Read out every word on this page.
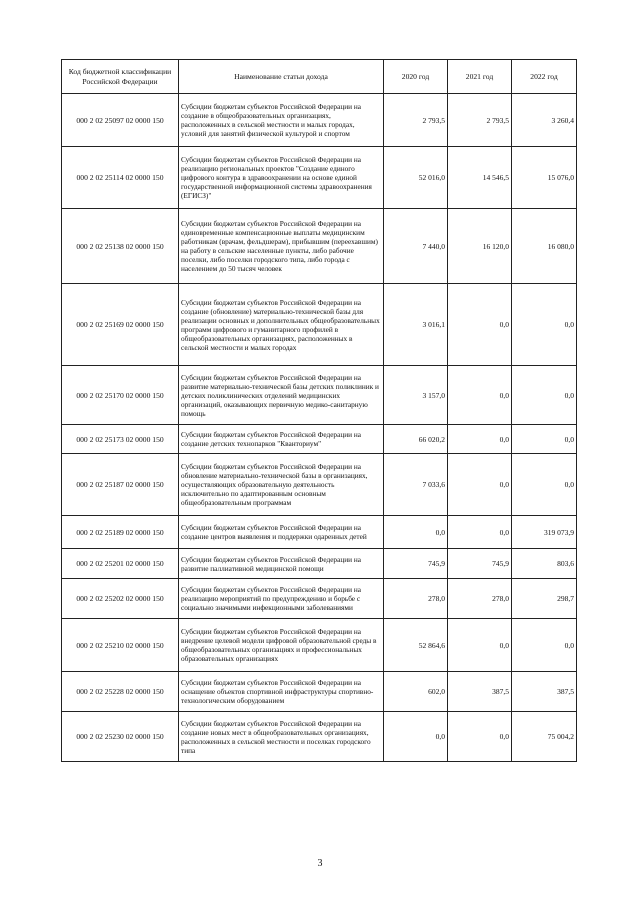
Код бюджетной классификации Российской Федерации	Наименование статьи дохода	2020 год	2021 год	2022 год
000 2 02 25097 02 0000 150	Субсидии бюджетам субъектов Российской Федерации на создание в общеобразовательных организациях, расположенных в сельской местности и малых городах, условий для занятий физической культурой и спортом	2 793,5	2 793,5	3 260,4
000 2 02 25114 02 0000 150	Субсидии бюджетам субъектов Российской Федерации на реализацию региональных проектов "Создание единого цифрового контура в здравоохранении на основе единой государственной информационной системы здравоохранения (ЕГИСЗ)"	52 016,0	14 546,5	15 076,0
000 2 02 25138 02 0000 150	Субсидии бюджетам субъектов Российской Федерации на единовременные компенсационные выплаты медицинским работникам (врачам, фельдшерам), прибывшим (переехавшим) на работу в сельские населенные пункты, либо рабочие поселки, либо поселки городского типа, либо города с населением до 50 тысяч человек	7 440,0	16 120,0	16 080,0
000 2 02 25169 02 0000 150	Субсидии бюджетам субъектов Российской Федерации на создание (обновление) материально-технической базы для реализации основных и дополнительных общеобразовательных программ цифрового и гуманитарного профилей в общеобразовательных организациях, расположенных в сельской местности и малых городах	3 016,1	0,0	0,0
000 2 02 25170 02 0000 150	Субсидии бюджетам субъектов Российской Федерации на развитие материально-технической базы детских поликлиник и детских поликлинических отделений медицинских организаций, оказывающих первичную медико-санитарную помощь	3 157,0	0,0	0,0
000 2 02 25173 02 0000 150	Субсидии бюджетам субъектов Российской Федерации на создание детских технопарков "Кванториум"	66 020,2	0,0	0,0
000 2 02 25187 02 0000 150	Субсидии бюджетам субъектов Российской Федерации на обновление материально-технической базы в организациях, осуществляющих образовательную деятельность исключительно по адаптированным основным общеобразовательным программам	7 033,6	0,0	0,0
000 2 02 25189 02 0000 150	Субсидии бюджетам субъектов Российской Федерации на создание центров выявления и поддержки одаренных детей	0,0	0,0	319 073,9
000 2 02 25201 02 0000 150	Субсидии бюджетам субъектов Российской Федерации на развитие паллиативной медицинской помощи	745,9	745,9	803,6
000 2 02 25202 02 0000 150	Субсидии бюджетам субъектов Российской Федерации на реализацию мероприятий по предупреждению и борьбе с социально значимыми инфекционными заболеваниями	278,0	278,0	298,7
000 2 02 25210 02 0000 150	Субсидии бюджетам субъектов Российской Федерации на внедрение целевой модели цифровой образовательной среды в общеобразовательных организациях и профессиональных образовательных организациях	52 864,6	0,0	0,0
000 2 02 25228 02 0000 150	Субсидии бюджетам субъектов Российской Федерации на оснащение объектов спортивной инфраструктуры спортивно-технологическим оборудованием	602,0	387,5	387,5
000 2 02 25230 02 0000 150	Субсидии бюджетам субъектов Российской Федерации на создание новых мест в общеобразовательных организациях, расположенных в сельской местности и поселках городского типа	0,0	0,0	75 004,2
3
